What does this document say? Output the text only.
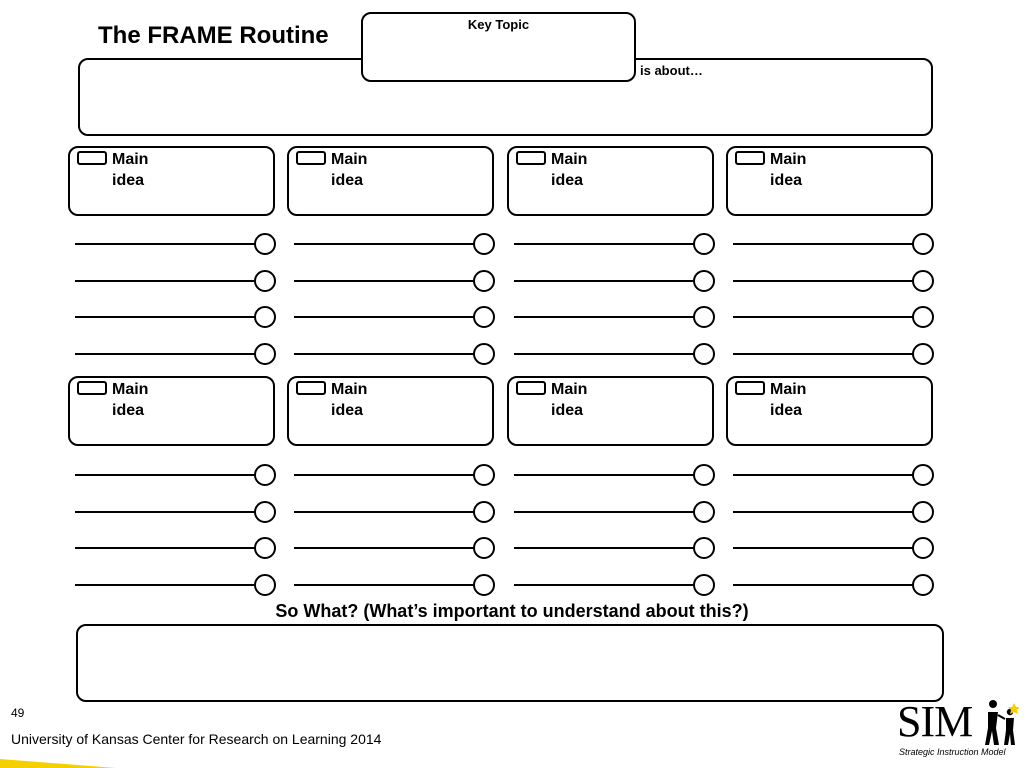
The FRAME Routine
is about…
Key Topic
Main
idea
Main
idea
Main
idea
Main
idea
Main
idea
Main
idea
Main
idea
Main
idea
So What? (What’s important to understand about this?)
49
University of Kansas Center for Research on Learning 2014	SIM
Strategic Instruction Model
